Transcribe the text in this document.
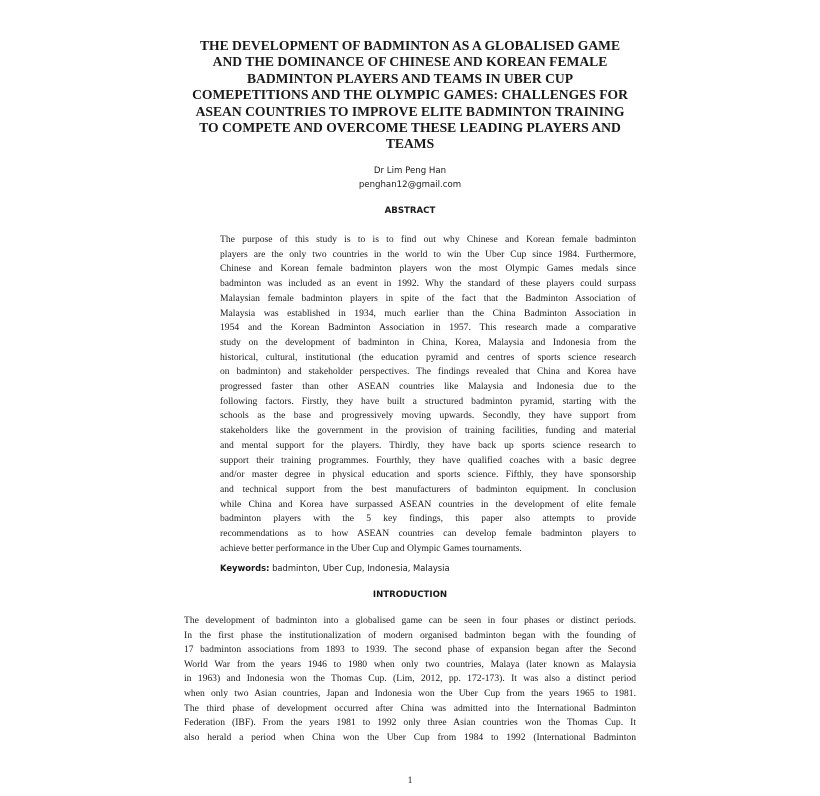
THE DEVELOPMENT OF BADMINTON AS A GLOBALISED GAME
AND THE DOMINANCE OF CHINESE AND KOREAN FEMALE
BADMINTON PLAYERS AND TEAMS IN UBER CUP
COMEPETITIONS AND THE OLYMPIC GAMES: CHALLENGES FOR
ASEAN COUNTRIES TO IMPROVE ELITE BADMINTON TRAINING
TO COMPETE AND OVERCOME THESE LEADING PLAYERS AND
TEAMS
Dr Lim Peng Han
penghan12@gmail.com
ABSTRACT
The purpose of this study is to is to find out why Chinese and Korean female badminton
players are the only two countries in the world to win the Uber Cup since 1984. Furthermore,
Chinese and Korean female badminton players won the most Olympic Games medals since
badminton was included as an event in 1992. Why the standard of these players could surpass
Malaysian female badminton players in spite of the fact that the Badminton Association of
Malaysia was established in 1934, much earlier than the China Badminton Association in
1954 and the Korean Badminton Association in 1957. This research made a comparative
study on the development of badminton in China, Korea, Malaysia and Indonesia from the
historical, cultural, institutional (the education pyramid and centres of sports science research
on badminton) and stakeholder perspectives. The findings revealed that China and Korea have
progressed faster than other ASEAN countries like Malaysia and Indonesia due to the
following factors. Firstly, they have built a structured badminton pyramid, starting with the
schools as the base and progressively moving upwards. Secondly, they have support from
stakeholders like the government in the provision of training facilities, funding and material
and mental support for the players. Thirdly, they have back up sports science research to
support their training programmes. Fourthly, they have qualified coaches with a basic degree
and/or master degree in physical education and sports science. Fifthly, they have sponsorship
and technical support from the best manufacturers of badminton equipment. In conclusion
while China and Korea have surpassed ASEAN countries in the development of elite female
badminton players with the 5 key findings, this paper also attempts to provide
recommendations as to how ASEAN countries can develop female badminton players to
achieve better performance in the Uber Cup and Olympic Games tournaments.
Keywords: badminton, Uber Cup, Indonesia, Malaysia
INTRODUCTION
The development of badminton into a globalised game can be seen in four phases or distinct periods.
In the first phase the institutionalization of modern organised badminton began with the founding of
17 badminton associations from 1893 to 1939. The second phase of expansion began after the Second
World War from the years 1946 to 1980 when only two countries, Malaya (later known as Malaysia
in 1963) and Indonesia won the Thomas Cup. (Lim, 2012, pp. 172-173). It was also a distinct period
when only two Asian countries, Japan and Indonesia won the Uber Cup from the years 1965 to 1981.
The third phase of development occurred after China was admitted into the International Badminton
Federation (IBF). From the years 1981 to 1992 only three Asian countries won the Thomas Cup. It
also herald a period when China won the Uber Cup from 1984 to 1992 (International Badminton
1
